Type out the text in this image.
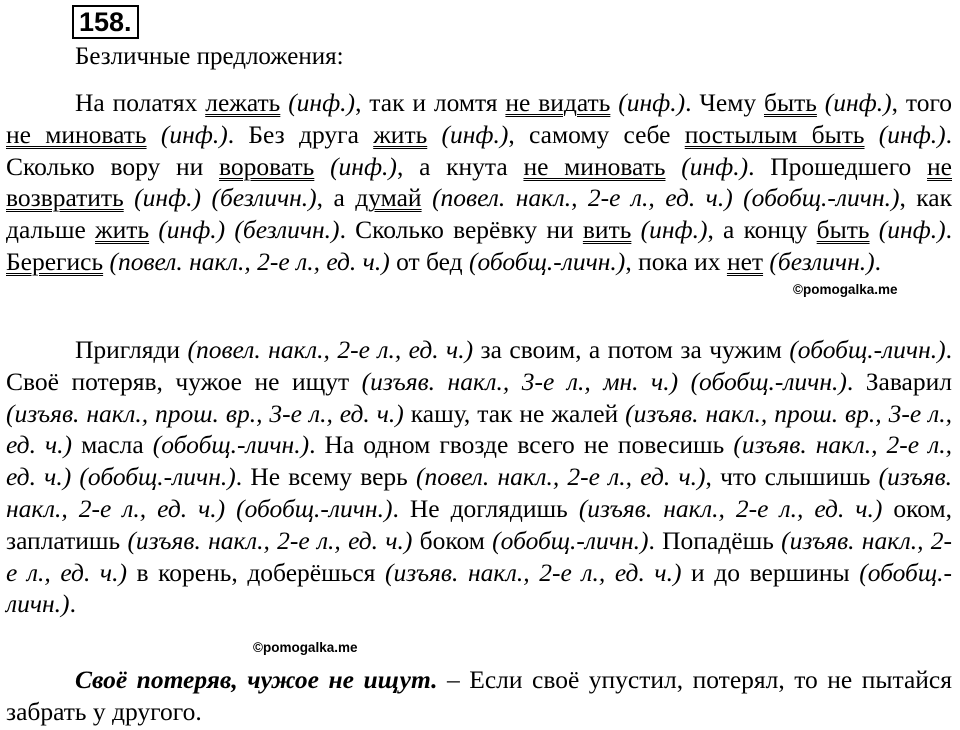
158.
Безличные предложения:

На полатях лежать (инф.), так и ломтя не видать (инф.). Чему быть (инф.), того не миновать (инф.). Без друга жить (инф.), самому себе постылым быть (инф.). Сколько вору ни воровать (инф.), а кнута не миновать (инф.). Прошедшего не возвратить (инф.) (безличн.), а думай (повел. накл., 2-е л., ед. ч.) (обобщ.-личн.), как дальше жить (инф.) (безличн.). Сколько верёвку ни вить (инф.), а концу быть (инф.). Берегись (повел. накл., 2-е л., ед. ч.) от бед (обобщ.-личн.), пока их нет (безличн.).

©pomogalka.me

Пригляди (повел. накл., 2-е л., ед. ч.) за своим, а потом за чужим (обобщ.-личн.). Своё потеряв, чужое не ищут (изъяв. накл., 3-е л., мн. ч.) (обобщ.-личн.). Заварил (изъяв. накл., прош. вр., 3-е л., ед. ч.) кашу, так не жалей (изъяв. накл., прош. вр., 3-е л., ед. ч.) масла (обобщ.-личн.). На одном гвозде всего не повесишь (изъяв. накл., 2-е л., ед. ч.) (обобщ.-личн.). Не всему верь (повел. накл., 2-е л., ед. ч.), что слышишь (изъяв. накл., 2-е л., ед. ч.) (обобщ.-личн.). Не доглядишь (изъяв. накл., 2-е л., ед. ч.) оком, заплатишь (изъяв. накл., 2-е л., ед. ч.) боком (обобщ.-личн.). Попадёшь (изъяв. накл., 2-е л., ед. ч.) в корень, доберёшься (изъяв. накл., 2-е л., ед. ч.) и до вершины (обобщ.-личн.).

©pomogalka.me

Своё потеряв, чужое не ищут. – Если своё упустил, потерял, то не пытайся забрать у другого.
